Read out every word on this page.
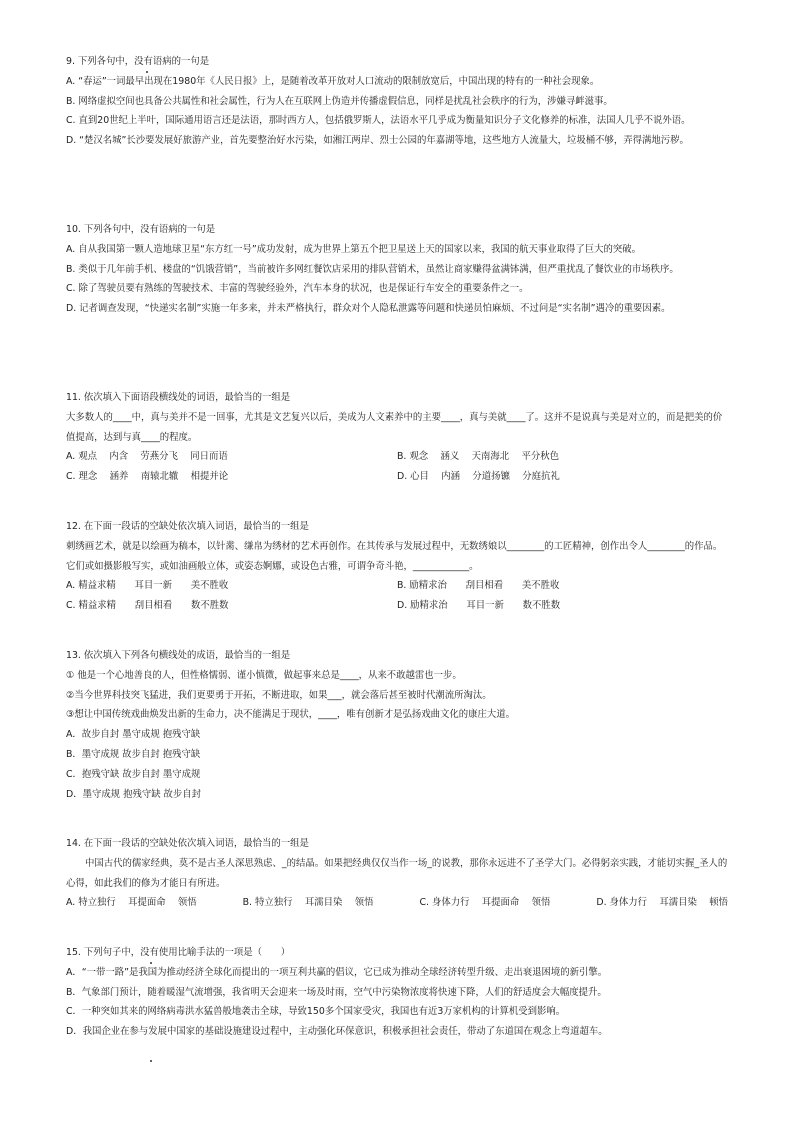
9. 下列各句中，没有语病的一句是

A. “春运”一词最早出现在1980年《人民日报》上，是随着改革开放对人口流动的限制放宽后，中国出现的特有的一种社会现象。

B. 网络虚拟空间也具备公共属性和社会属性，行为人在互联网上伪造并传播虚假信息，同样是扰乱社会秩序的行为，涉嫌寻衅滋事。

C. 直到20世纪上半叶，国际通用语言还是法语，那时西方人，包括俄罗斯人，法语水平几乎成为衡量知识分子文化修养的标准，法国人几乎不说外语。

D. “楚汉名城”长沙要发展好旅游产业，首先要整治好水污染，如湘江两岸、烈士公园的年嘉湖等地，这些地方人流量大，垃圾桶不够，弄得满地污秽。

10. 下列各句中，没有语病的一句是

A. 自从我国第一颗人造地球卫星“东方红一号”成功发射，成为世界上第五个把卫星送上天的国家以来，我国的航天事业取得了巨大的突破。

B. 类似于几年前手机、楼盘的“饥饿营销”，当前被许多网红餐饮店采用的排队营销术，虽然让商家赚得盆满钵满，但严重扰乱了餐饮业的市场秩序。

C. 除了驾驶员要有熟练的驾驶技术、丰富的驾驶经验外，汽车本身的状况，也是保证行车安全的重要条件之一。

D. 记者调查发现，“快递实名制”实施一年多来，并未严格执行，群众对个人隐私泄露等问题和快递员怕麻烦、不过问是“实名制”遇冷的重要因素。

11. 依次填入下面语段横线处的词语，最恰当的一组是

大多数人的____中，真与美并不是一回事，尤其是文艺复兴以后，美成为人文素养中的主要____，真与美就____了。这并不是说真与美是对立的，而是把美的价值提高，达到与真____的程度。

A. 观点　 内含　 劳燕分飞　 同日而语	B. 观念　 涵义　 天南海北　 平分秋色
C. 理念　 涵养　 南辕北辙　 相提并论	D. 心目　 内涵　 分道扬镳　 分庭抗礼

12. 在下面一段话的空缺处依次填入词语，最恰当的一组是

刺绣画艺术，就是以绘画为稿本，以针黹、缣帛为绣材的艺术再创作。在其传承与发展过程中，无数绣娘以________的工匠精神，创作出令人________的作品。它们或如摄影般写实，或如油画般立体，或姿态婀娜，或设色古雅，可谓争奇斗艳，____________。

A. 精益求精　　耳目一新　　美不胜收	B. 励精求治　　刮目相看　　美不胜收
C. 精益求精　　刮目相看　　数不胜数	D. 励精求治　　耳目一新　　数不胜数

13. 依次填入下列各句横线处的成语，最恰当的一组是

① 他是一个心地善良的人，但性格懦弱、谨小慎微，做起事来总是____，从来不敢越雷也一步。

②当今世界科技突飞猛进，我们更要勇于开拓，不断进取，如果___，就会落后甚至被时代潮流所淘汰。

③想让中国传统戏曲焕发出新的生命力，决不能满足于现状，____，唯有创新才是弘扬戏曲文化的康庄大道。

A．故步自封 墨守成规 抱残守缺

B．墨守成规 故步自封 抱残守缺

C．抱残守缺 故步自封 墨守成规

D．墨守成规 抱残守缺 故步自封

14. 在下面一段话的空缺处依次填入词语，最恰当的一组是

中国古代的儒家经典，莫不是古圣人深思熟虑、_的结晶。如果把经典仅仅当作一场_的说教，那你永远进不了圣学大门。必得躬亲实践，才能切实握_圣人的心得，如此我们的修为才能日有所进。

A. 特立独行　 耳提面命　 领悟	B. 特立独行　 耳濡目染　 领悟	C. 身体力行　 耳提面命　 领悟	D. 身体力行　 耳濡目染　 顿悟

15. 下列句子中，没有使用比喻手法的一项是（　　）

A．“一带一路”是我国为推动经济全球化而提出的一项互利共赢的倡议，它已成为推动全球经济转型升级、走出衰退困境的新引擎。

B．气象部门预计，随着暖湿气流增强，我省明天会迎来一场及时雨，空气中污染物浓度将快速下降，人们的舒适度会大幅度提升。

C．一种突如其来的网络病毒洪水猛兽般地袭击全球，导致150多个国家受灾，我国也有近3万家机构的计算机受到影响。

D．我国企业在参与发展中国家的基础设施建设过程中，主动强化环保意识，积极承担社会责任，带动了东道国在观念上弯道超车。
